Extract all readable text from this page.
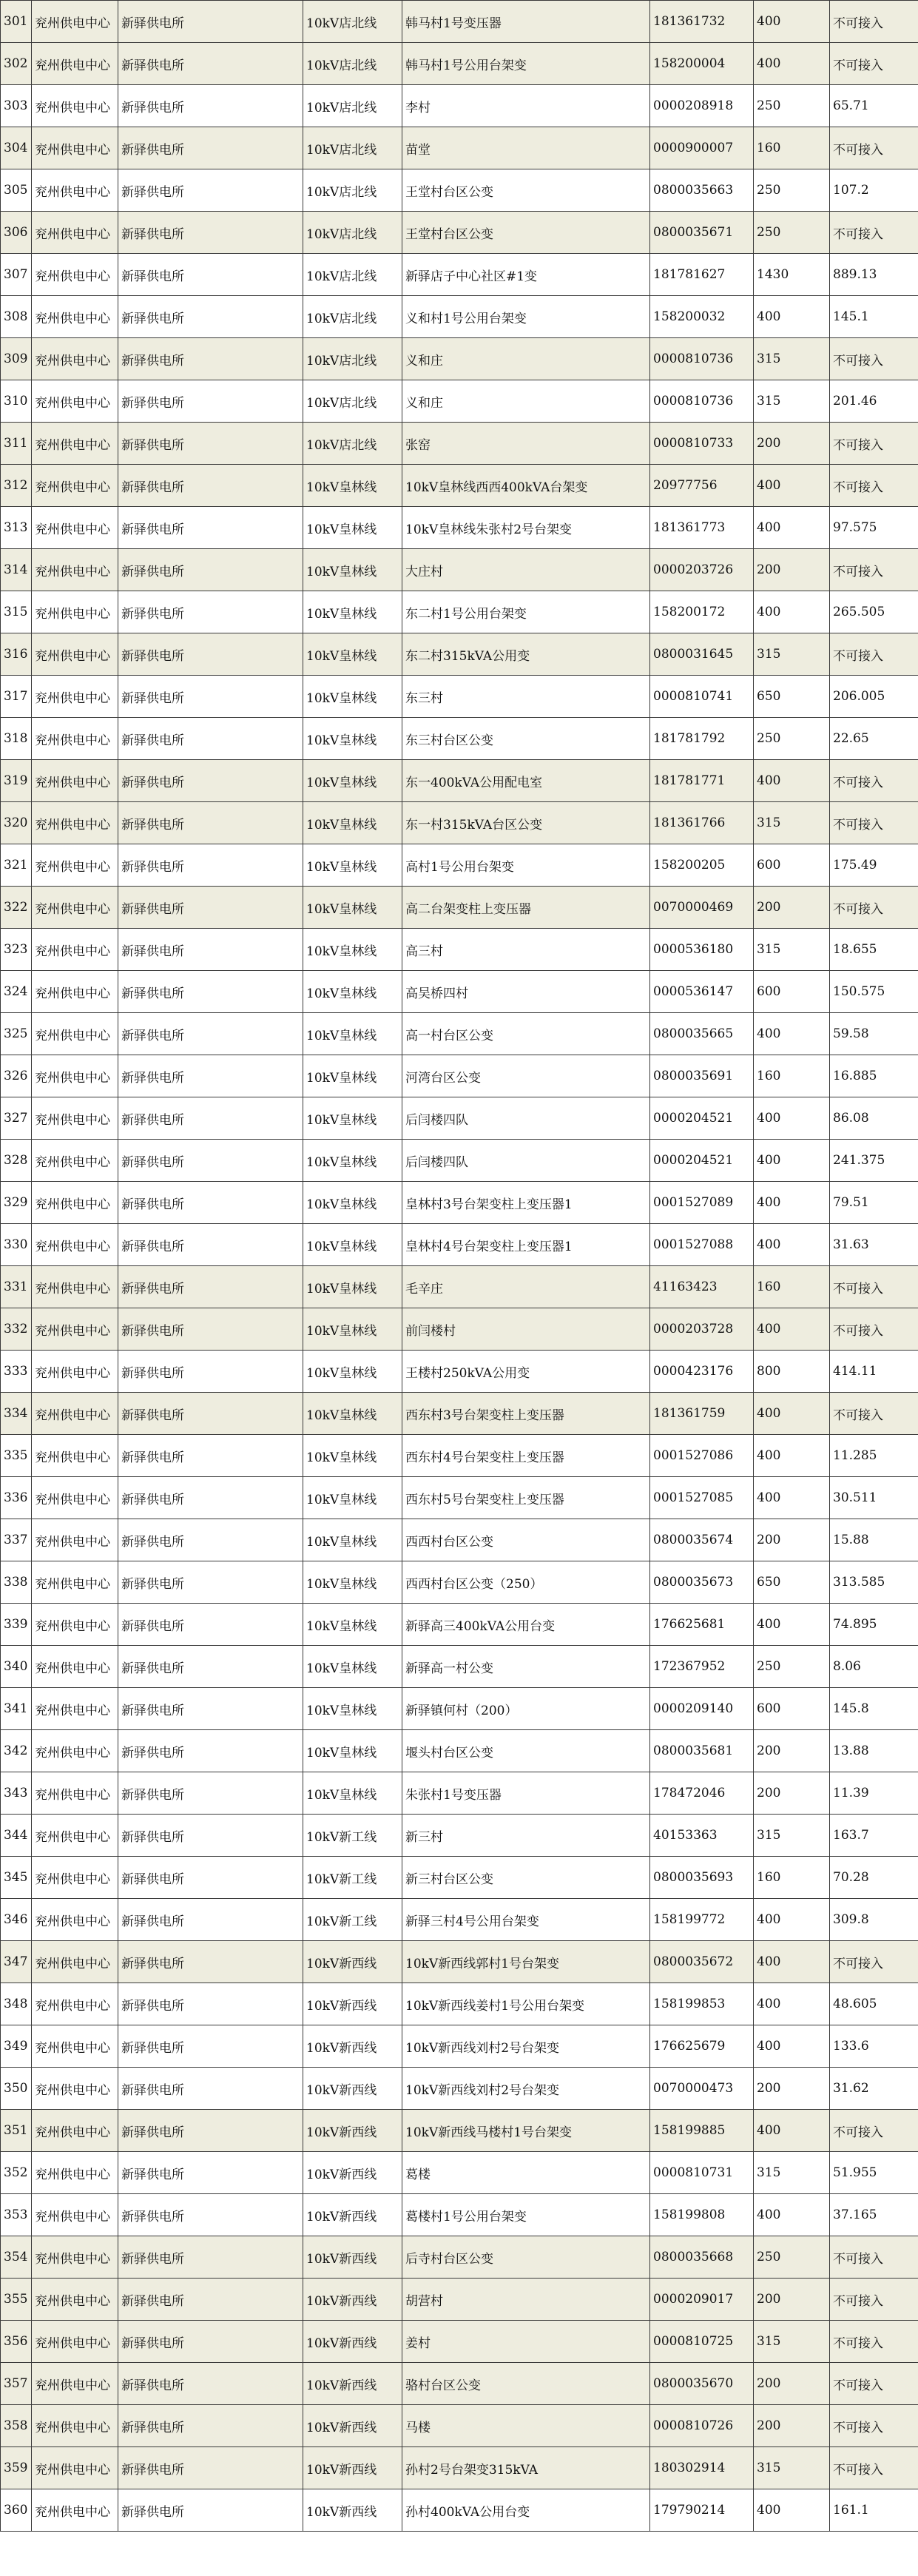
301	兖州供电中心	新驿供电所	10kV店北线	韩马村1号变压器	181361732	400	不可接入
302	兖州供电中心	新驿供电所	10kV店北线	韩马村1号公用台架变	158200004	400	不可接入
303	兖州供电中心	新驿供电所	10kV店北线	李村	0000208918	250	65.71
304	兖州供电中心	新驿供电所	10kV店北线	苗堂	0000900007	160	不可接入
305	兖州供电中心	新驿供电所	10kV店北线	王堂村台区公变	0800035663	250	107.2
306	兖州供电中心	新驿供电所	10kV店北线	王堂村台区公变	0800035671	250	不可接入
307	兖州供电中心	新驿供电所	10kV店北线	新驿店子中心社区#1变	181781627	1430	889.13
308	兖州供电中心	新驿供电所	10kV店北线	义和村1号公用台架变	158200032	400	145.1
309	兖州供电中心	新驿供电所	10kV店北线	义和庄	0000810736	315	不可接入
310	兖州供电中心	新驿供电所	10kV店北线	义和庄	0000810736	315	201.46
311	兖州供电中心	新驿供电所	10kV店北线	张窑	0000810733	200	不可接入
312	兖州供电中心	新驿供电所	10kV皇林线	10kV皇林线西西400kVA台架变	20977756	400	不可接入
313	兖州供电中心	新驿供电所	10kV皇林线	10kV皇林线朱张村2号台架变	181361773	400	97.575
314	兖州供电中心	新驿供电所	10kV皇林线	大庄村	0000203726	200	不可接入
315	兖州供电中心	新驿供电所	10kV皇林线	东二村1号公用台架变	158200172	400	265.505
316	兖州供电中心	新驿供电所	10kV皇林线	东二村315kVA公用变	0800031645	315	不可接入
317	兖州供电中心	新驿供电所	10kV皇林线	东三村	0000810741	650	206.005
318	兖州供电中心	新驿供电所	10kV皇林线	东三村台区公变	181781792	250	22.65
319	兖州供电中心	新驿供电所	10kV皇林线	东一400kVA公用配电室	181781771	400	不可接入
320	兖州供电中心	新驿供电所	10kV皇林线	东一村315kVA台区公变	181361766	315	不可接入
321	兖州供电中心	新驿供电所	10kV皇林线	高村1号公用台架变	158200205	600	175.49
322	兖州供电中心	新驿供电所	10kV皇林线	高二台架变柱上变压器	0070000469	200	不可接入
323	兖州供电中心	新驿供电所	10kV皇林线	高三村	0000536180	315	18.655
324	兖州供电中心	新驿供电所	10kV皇林线	高吴桥四村	0000536147	600	150.575
325	兖州供电中心	新驿供电所	10kV皇林线	高一村台区公变	0800035665	400	59.58
326	兖州供电中心	新驿供电所	10kV皇林线	河湾台区公变	0800035691	160	16.885
327	兖州供电中心	新驿供电所	10kV皇林线	后闫楼四队	0000204521	400	86.08
328	兖州供电中心	新驿供电所	10kV皇林线	后闫楼四队	0000204521	400	241.375
329	兖州供电中心	新驿供电所	10kV皇林线	皇林村3号台架变柱上变压器1	0001527089	400	79.51
330	兖州供电中心	新驿供电所	10kV皇林线	皇林村4号台架变柱上变压器1	0001527088	400	31.63
331	兖州供电中心	新驿供电所	10kV皇林线	毛辛庄	41163423	160	不可接入
332	兖州供电中心	新驿供电所	10kV皇林线	前闫楼村	0000203728	400	不可接入
333	兖州供电中心	新驿供电所	10kV皇林线	王楼村250kVA公用变	0000423176	800	414.11
334	兖州供电中心	新驿供电所	10kV皇林线	西东村3号台架变柱上变压器	181361759	400	不可接入
335	兖州供电中心	新驿供电所	10kV皇林线	西东村4号台架变柱上变压器	0001527086	400	11.285
336	兖州供电中心	新驿供电所	10kV皇林线	西东村5号台架变柱上变压器	0001527085	400	30.511
337	兖州供电中心	新驿供电所	10kV皇林线	西西村台区公变	0800035674	200	15.88
338	兖州供电中心	新驿供电所	10kV皇林线	西西村台区公变（250）	0800035673	650	313.585
339	兖州供电中心	新驿供电所	10kV皇林线	新驿高三400kVA公用台变	176625681	400	74.895
340	兖州供电中心	新驿供电所	10kV皇林线	新驿高一村公变	172367952	250	8.06
341	兖州供电中心	新驿供电所	10kV皇林线	新驿镇何村（200）	0000209140	600	145.8
342	兖州供电中心	新驿供电所	10kV皇林线	堰头村台区公变	0800035681	200	13.88
343	兖州供电中心	新驿供电所	10kV皇林线	朱张村1号变压器	178472046	200	11.39
344	兖州供电中心	新驿供电所	10kV新工线	新三村	40153363	315	163.7
345	兖州供电中心	新驿供电所	10kV新工线	新三村台区公变	0800035693	160	70.28
346	兖州供电中心	新驿供电所	10kV新工线	新驿三村4号公用台架变	158199772	400	309.8
347	兖州供电中心	新驿供电所	10kV新西线	10kV新西线郭村1号台架变	0800035672	400	不可接入
348	兖州供电中心	新驿供电所	10kV新西线	10kV新西线姜村1号公用台架变	158199853	400	48.605
349	兖州供电中心	新驿供电所	10kV新西线	10kV新西线刘村2号台架变	176625679	400	133.6
350	兖州供电中心	新驿供电所	10kV新西线	10kV新西线刘村2号台架变	0070000473	200	31.62
351	兖州供电中心	新驿供电所	10kV新西线	10kV新西线马楼村1号台架变	158199885	400	不可接入
352	兖州供电中心	新驿供电所	10kV新西线	葛楼	0000810731	315	51.955
353	兖州供电中心	新驿供电所	10kV新西线	葛楼村1号公用台架变	158199808	400	37.165
354	兖州供电中心	新驿供电所	10kV新西线	后寺村台区公变	0800035668	250	不可接入
355	兖州供电中心	新驿供电所	10kV新西线	胡营村	0000209017	200	不可接入
356	兖州供电中心	新驿供电所	10kV新西线	姜村	0000810725	315	不可接入
357	兖州供电中心	新驿供电所	10kV新西线	骆村台区公变	0800035670	200	不可接入
358	兖州供电中心	新驿供电所	10kV新西线	马楼	0000810726	200	不可接入
359	兖州供电中心	新驿供电所	10kV新西线	孙村2号台架变315kVA	180302914	315	不可接入
360	兖州供电中心	新驿供电所	10kV新西线	孙村400kVA公用台变	179790214	400	161.1
